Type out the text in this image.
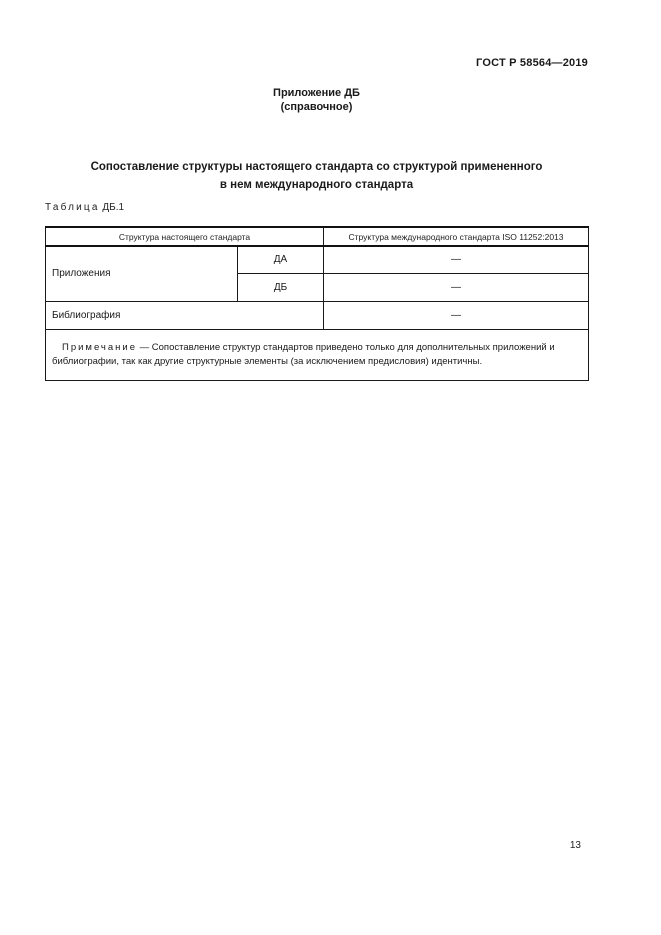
ГОСТ Р 58564—2019
Приложение ДБ
(справочное)
Сопоставление структуры настоящего стандарта со структурой примененного
в нем международного стандарта
Таблица ДБ.1
Структура настоящего стандарта		Структура международного стандарта ISO 11252:2013
Приложения	ДА	—
	ДБ	—
Библиография		—

Примечание — Сопоставление структур стандартов приведено только для дополнительных приложений и библиографии, так как другие структурные элементы (за исключением предисловия) идентичны.		
13
